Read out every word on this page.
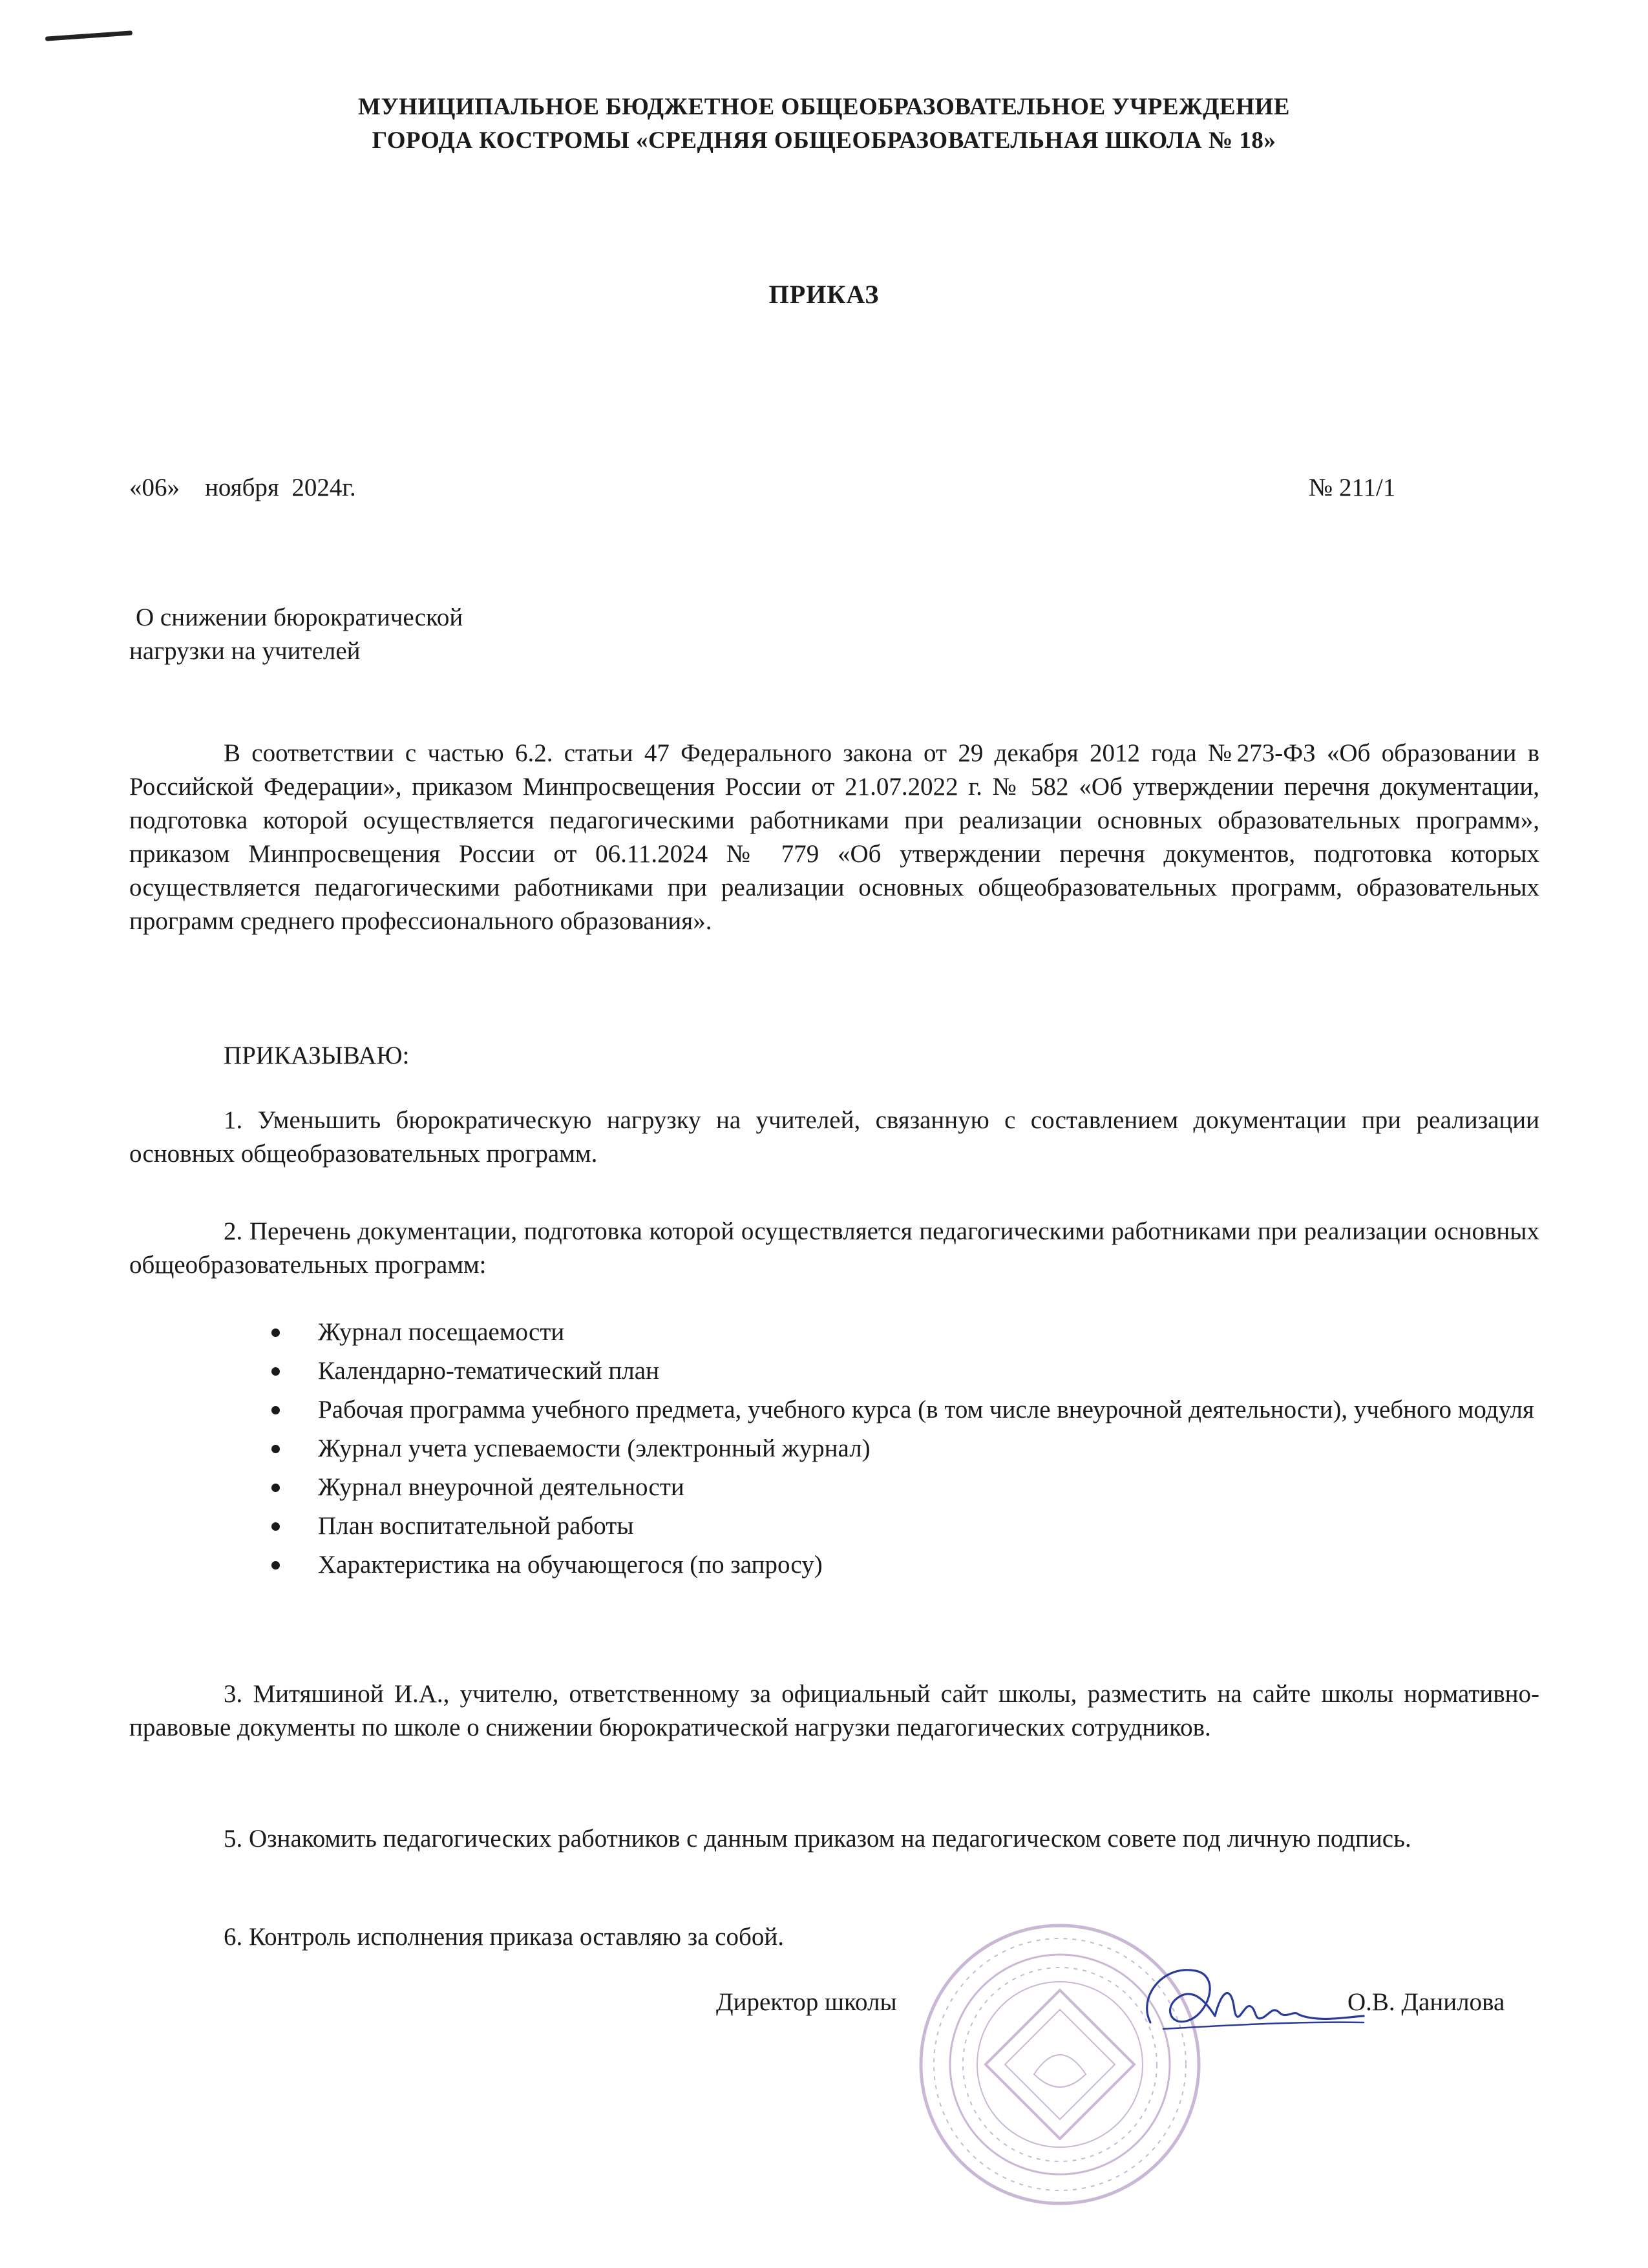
МУНИЦИПАЛЬНОЕ БЮДЖЕТНОЕ ОБЩЕОБРАЗОВАТЕЛЬНОЕ УЧРЕЖДЕНИЕ
ГОРОДА КОСТРОМЫ «СРЕДНЯЯ ОБЩЕОБРАЗОВАТЕЛЬНАЯ ШКОЛА № 18»
ПРИКАЗ
«06»    ноября  2024г.	№ 211/1
О снижении бюрократической
нагрузки на учителей

В соответствии с частью 6.2. статьи 47 Федерального закона от 29 декабря 2012 года №273-ФЗ «Об образовании в Российской Федерации», приказом Минпросвещения России от 21.07.2022 г. № 582 «Об утверждении перечня документации, подготовка которой осуществляется педагогическими работниками при реализации основных образовательных программ», приказом Минпросвещения России от 06.11.2024 № 779 «Об утверждении перечня документов, подготовка которых осуществляется педагогическими работниками при реализации основных общеобразовательных программ, образовательных программ среднего профессионального образования».

ПРИКАЗЫВАЮ:

1. Уменьшить бюрократическую нагрузку на учителей, связанную с составлением документации при реализации основных общеобразовательных программ.

2. Перечень документации, подготовка которой осуществляется педагогическими работниками при реализации основных общеобразовательных программ:

Журнал посещаемости
Календарно-тематический план
Рабочая программа учебного предмета, учебного курса (в том числе внеурочной деятельности), учебного модуля
Журнал учета успеваемости (электронный журнал)
Журнал внеурочной деятельности
План воспитательной работы
Характеристика на обучающегося (по запросу)

3. Митяшиной И.А., учителю, ответственному за официальный сайт школы, разместить на сайте школы нормативно-правовые документы по школе о снижении бюрократической нагрузки педагогических сотрудников.

5. Ознакомить педагогических работников с данным приказом на педагогическом совете под личную подпись.

6. Контроль исполнения приказа оставляю за собой.

Директор школы	О.В. Данилова
